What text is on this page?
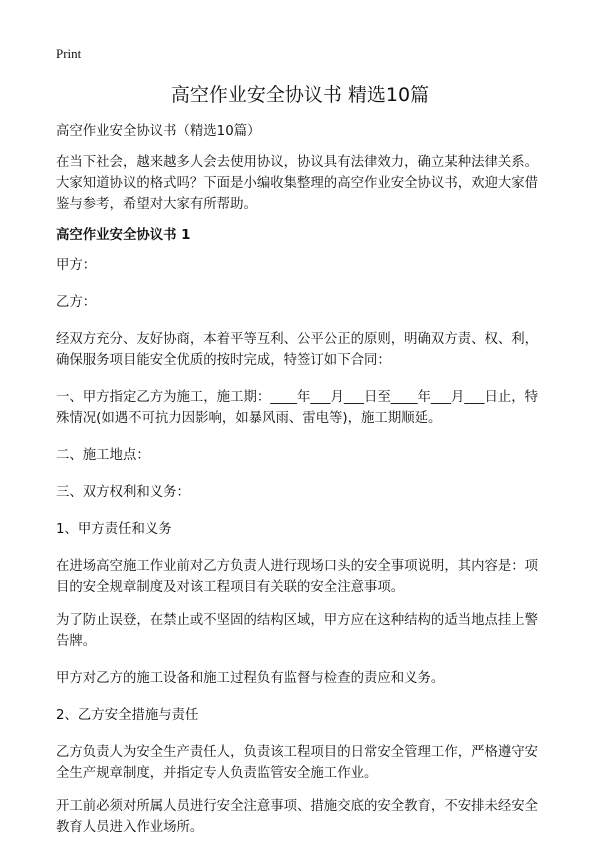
Print
高空作业安全协议书 精选10篇

高空作业安全协议书（精选10篇）

在当下社会，越来越多人会去使用协议，协议具有法律效力，确立某种法律关系。大家知道协议的格式吗？下面是小编收集整理的高空作业安全协议书，欢迎大家借鉴与参考，希望对大家有所帮助。

高空作业安全协议书 1

甲方：

乙方：

经双方充分、友好协商，本着平等互利、公平公正的原则，明确双方责、权、利，确保服务项目能安全优质的按时完成，特签订如下合同：

一、甲方指定乙方为施工，施工期：____年___月___日至____年___月___日止，特殊情况(如遇不可抗力因影响，如暴风雨、雷电等)，施工期顺延。

二、施工地点：

三、双方权利和义务：

1、甲方责任和义务

在进场高空施工作业前对乙方负责人进行现场口头的安全事项说明，其内容是：项目的安全规章制度及对该工程项目有关联的安全注意事项。

为了防止误登，在禁止或不坚固的结构区域，甲方应在这种结构的适当地点挂上警告牌。

甲方对乙方的施工设备和施工过程负有监督与检查的责应和义务。

2、乙方安全措施与责任

乙方负责人为安全生产责任人，负责该工程项目的日常安全管理工作，严格遵守安全生产规章制度，并指定专人负责监管安全施工作业。

开工前必须对所属人员进行安全注意事项、措施交底的安全教育，不安排未经安全教育人员进入作业场所。
